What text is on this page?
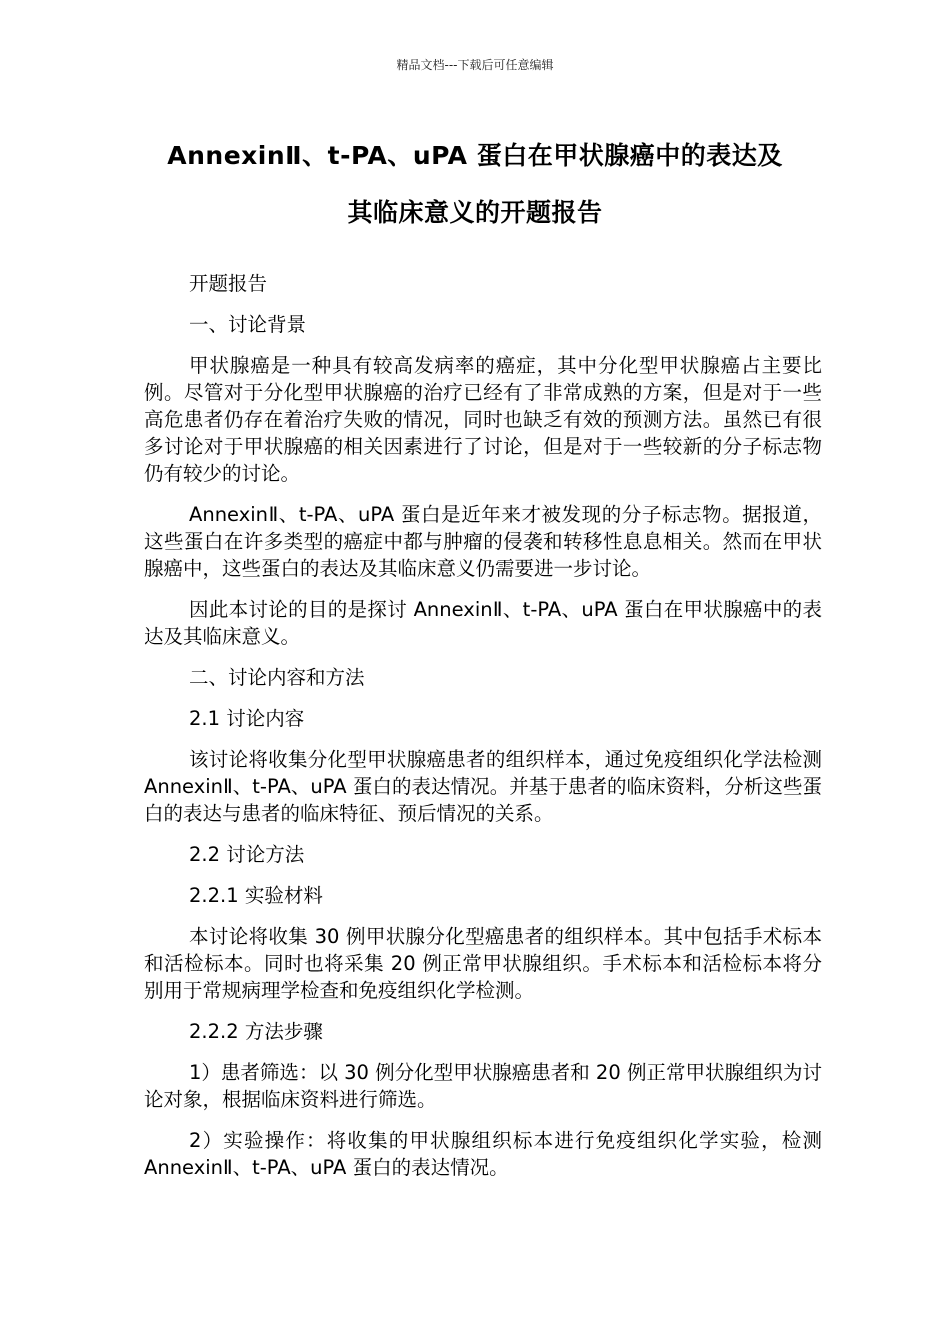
精品文档---下载后可任意编辑
AnnexinⅡ、t-PA、uPA 蛋白在甲状腺癌中的表达及
其临床意义的开题报告
开题报告
一、讨论背景

甲状腺癌是一种具有较高发病率的癌症，其中分化型甲状腺癌占主要比例。尽管对于分化型甲状腺癌的治疗已经有了非常成熟的方案，但是对于一些高危患者仍存在着治疗失败的情况，同时也缺乏有效的预测方法。虽然已有很多讨论对于甲状腺癌的相关因素进行了讨论，但是对于一些较新的分子标志物仍有较少的讨论。

AnnexinⅡ、t-PA、uPA 蛋白是近年来才被发现的分子标志物。据报道，这些蛋白在许多类型的癌症中都与肿瘤的侵袭和转移性息息相关。然而在甲状腺癌中，这些蛋白的表达及其临床意义仍需要进一步讨论。

因此本讨论的目的是探讨 AnnexinⅡ、t-PA、uPA 蛋白在甲状腺癌中的表达及其临床意义。

二、讨论内容和方法
2.1 讨论内容

该讨论将收集分化型甲状腺癌患者的组织样本，通过免疫组织化学法检测 AnnexinⅡ、t-PA、uPA 蛋白的表达情况。并基于患者的临床资料，分析这些蛋白的表达与患者的临床特征、预后情况的关系。

2.2 讨论方法
2.2.1 实验材料

本讨论将收集 30 例甲状腺分化型癌患者的组织样本。其中包括手术标本和活检标本。同时也将采集 20 例正常甲状腺组织。手术标本和活检标本将分别用于常规病理学检查和免疫组织化学检测。

2.2.2 方法步骤

1）患者筛选：以 30 例分化型甲状腺癌患者和 20 例正常甲状腺组织为讨论对象，根据临床资料进行筛选。

2）实验操作：将收集的甲状腺组织标本进行免疫组织化学实验，检测 AnnexinⅡ、t-PA、uPA 蛋白的表达情况。
